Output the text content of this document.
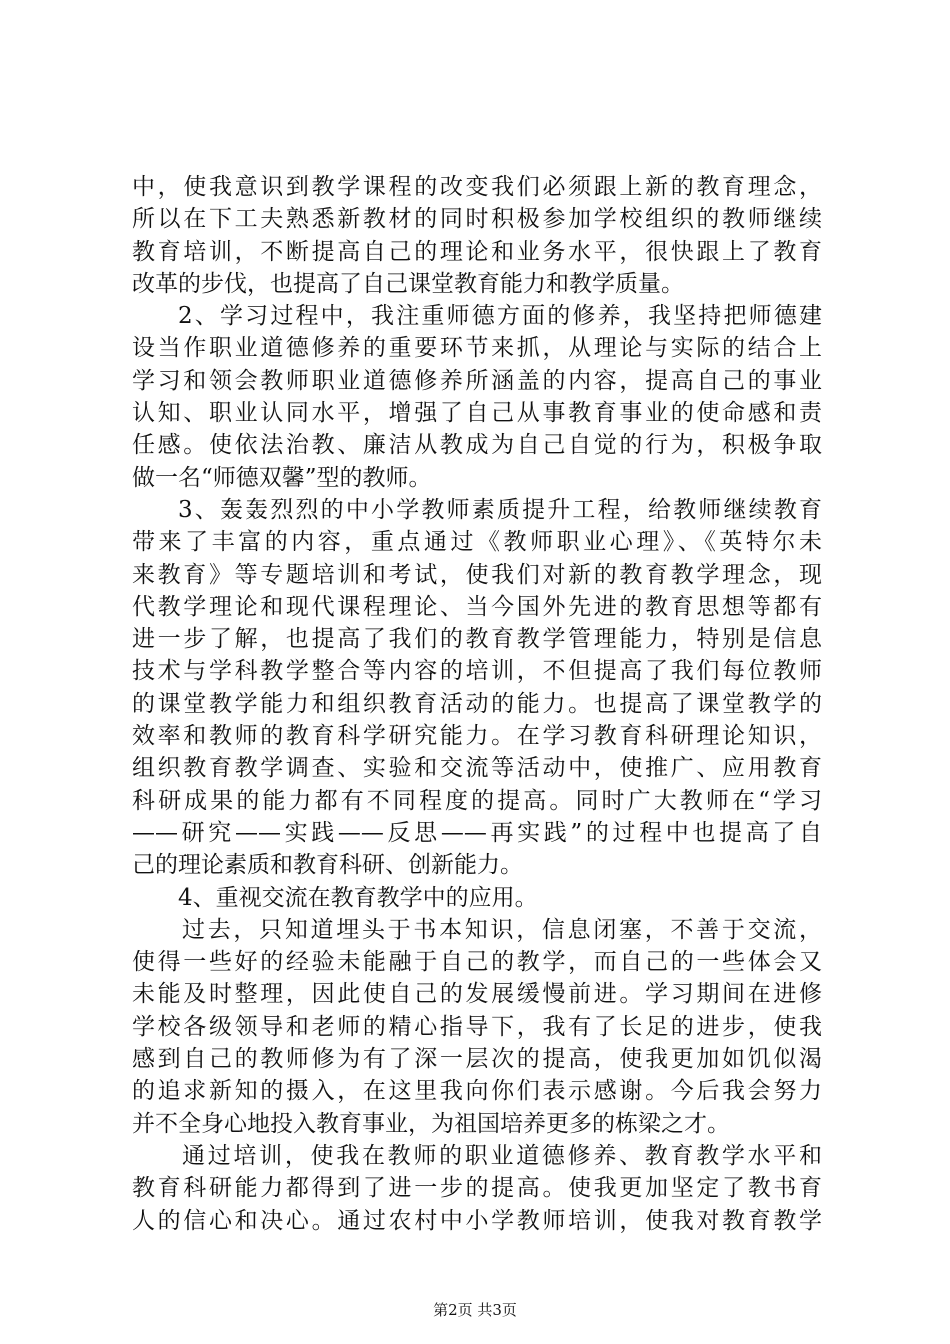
中，使我意识到教学课程的改变我们必须跟上新的教育理念，
所以在下工夫熟悉新教材的同时积极参加学校组织的教师继续
教育培训，不断提高自己的理论和业务水平，很快跟上了教育
改革的步伐，也提高了自己课堂教育能力和教学质量。
2、学习过程中，我注重师德方面的修养，我坚持把师德建
设当作职业道德修养的重要环节来抓，从理论与实际的结合上
学习和领会教师职业道德修养所涵盖的内容，提高自己的事业
认知、职业认同水平，增强了自己从事教育事业的使命感和责
任感。使依法治教、廉洁从教成为自己自觉的行为，积极争取
做一名“师德双馨”型的教师。
3、轰轰烈烈的中小学教师素质提升工程，给教师继续教育
带来了丰富的内容，重点通过《教师职业心理》、《英特尔未
来教育》等专题培训和考试，使我们对新的教育教学理念，现
代教学理论和现代课程理论、当今国外先进的教育思想等都有
进一步了解，也提高了我们的教育教学管理能力，特别是信息
技术与学科教学整合等内容的培训，不但提高了我们每位教师
的课堂教学能力和组织教育活动的能力。也提高了课堂教学的
效率和教师的教育科学研究能力。在学习教育科研理论知识，
组织教育教学调查、实验和交流等活动中，使推广、应用教育
科研成果的能力都有不同程度的提高。同时广大教师在“学习
——研究——实践——反思——再实践”的过程中也提高了自
己的理论素质和教育科研、创新能力。
4、重视交流在教育教学中的应用。
过去，只知道埋头于书本知识，信息闭塞，不善于交流，
使得一些好的经验未能融于自己的教学，而自己的一些体会又
未能及时整理，因此使自己的发展缓慢前进。学习期间在进修
学校各级领导和老师的精心指导下，我有了长足的进步，使我
感到自己的教师修为有了深一层次的提高，使我更加如饥似渴
的追求新知的摄入，在这里我向你们表示感谢。今后我会努力
并不全身心地投入教育事业，为祖国培养更多的栋梁之才。
通过培训，使我在教师的职业道德修养、教育教学水平和
教育科研能力都得到了进一步的提高。使我更加坚定了教书育
人的信心和决心。通过农村中小学教师培训，使我对教育教学
第2页 共3页
